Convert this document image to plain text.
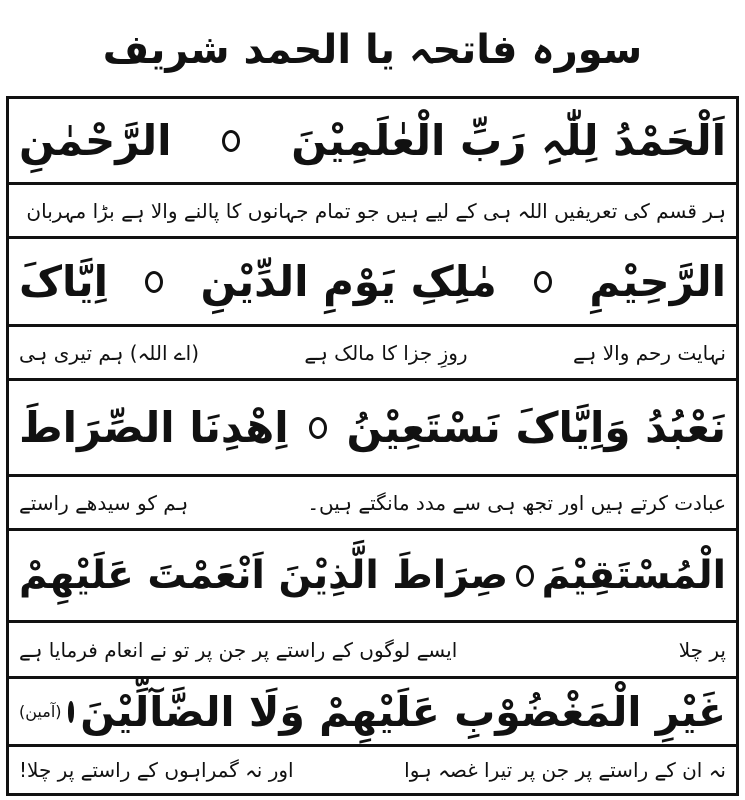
سورہ فاتحہ یا الحمد شریف
اَلْحَمْدُ لِلّٰہِ رَبِّ الْعٰلَمِیْنَ
الرَّحْمٰنِ
ہر قسم کی تعریفیں اللہ ہی کے لیے ہیں جو تمام جہانوں کا پالنے والا ہے بڑا مہربان
الرَّحِیْمِ
مٰلِکِ یَوْمِ الدِّیْنِ
اِیَّاکَ
نہایت رحم والا ہے
روزِ جزا کا مالک ہے
(اے اللہ) ہم تیری ہی
نَعْبُدُ وَاِیَّاکَ نَسْتَعِیْنُ
اِھْدِنَا الصِّرَاطَ
عبادت کرتے ہیں اور تجھ ہی سے مدد مانگتے ہیں۔
ہم کو سیدھے راستے
الْمُسْتَقِیْمَ
صِرَاطَ الَّذِیْنَ اَنْعَمْتَ عَلَیْھِمْ
پر چلا
ایسے لوگوں کے راستے پر جن پر تو نے انعام فرمایا ہے
غَیْرِ الْمَغْضُوْبِ عَلَیْھِمْ وَلَا الضَّآلِّیْنَ
(آمین)
نہ ان کے راستے پر جن پر تیرا غصہ ہوا
اور نہ گمراہوں کے راستے پر چلا!
